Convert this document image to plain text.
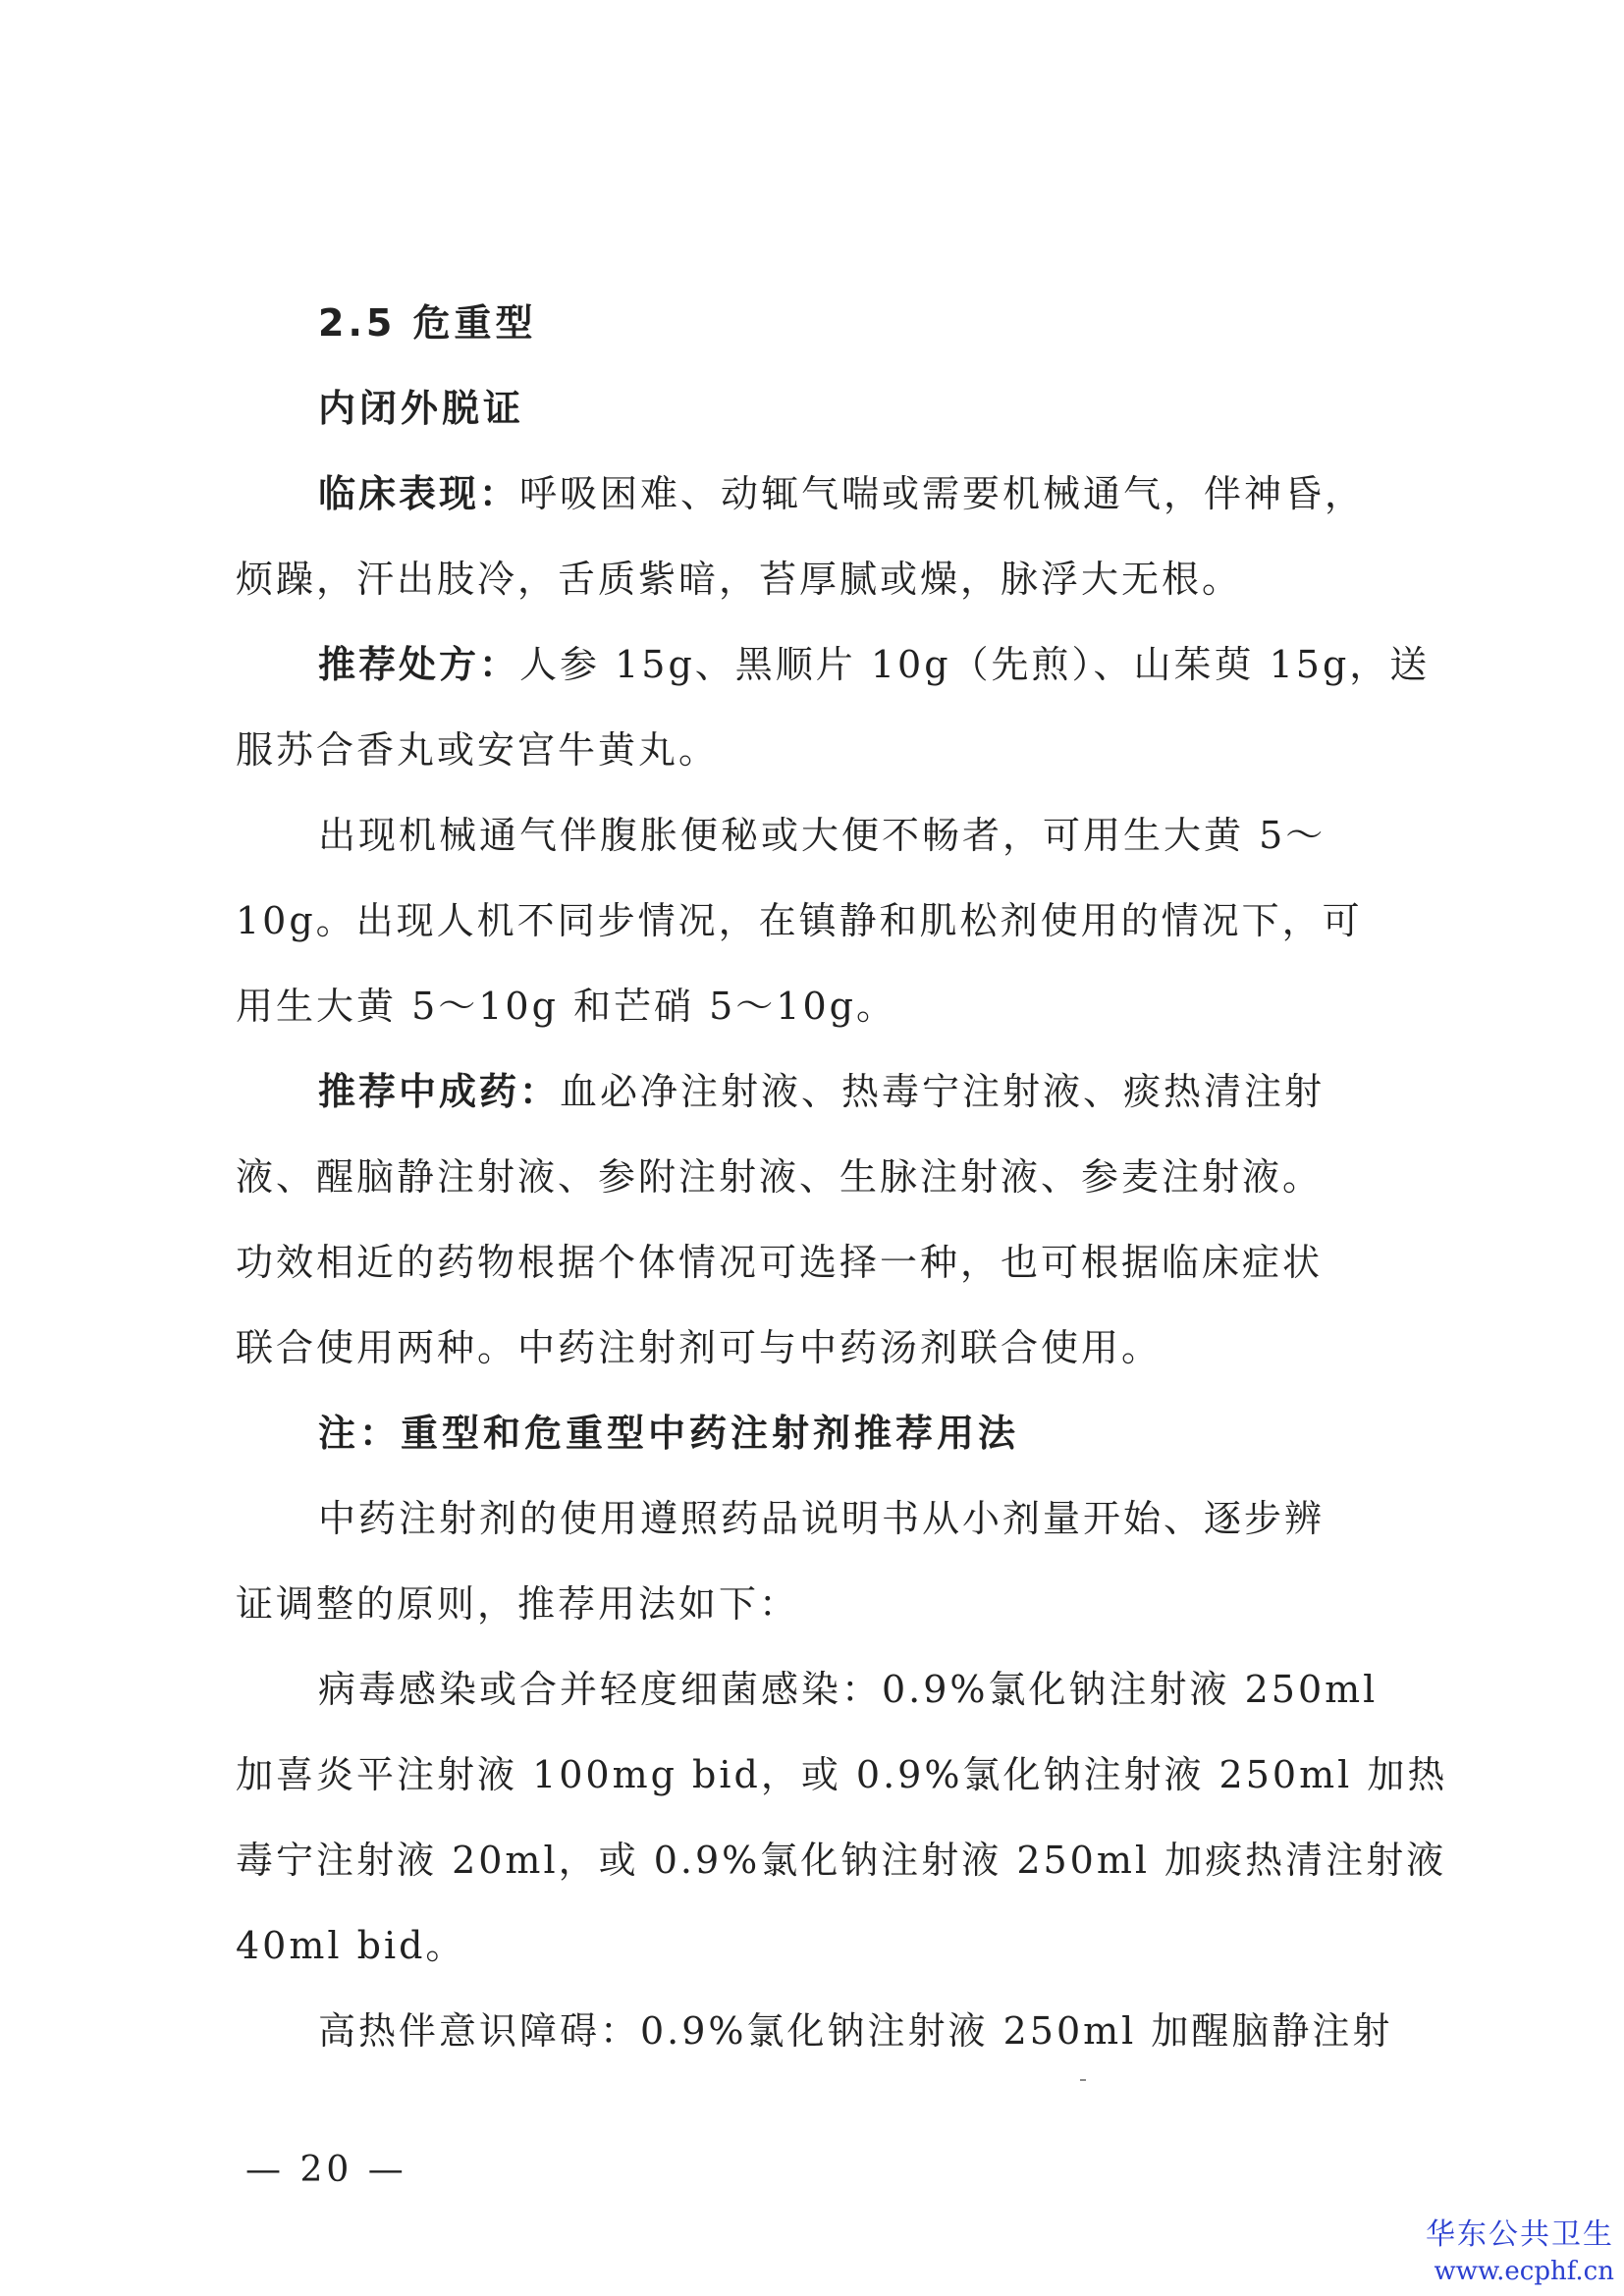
2.5 危重型
内闭外脱证
临床表现：呼吸困难、动辄气喘或需要机械通气，伴神昏，
烦躁，汗出肢冷，舌质紫暗，苔厚腻或燥，脉浮大无根。
推荐处方：人参 15g、黑顺片 10g（先煎）、山茱萸 15g，送
服苏合香丸或安宫牛黄丸。
出现机械通气伴腹胀便秘或大便不畅者，可用生大黄 5～
10g。出现人机不同步情况，在镇静和肌松剂使用的情况下，可
用生大黄 5～10g 和芒硝 5～10g。
推荐中成药：血必净注射液、热毒宁注射液、痰热清注射
液、醒脑静注射液、参附注射液、生脉注射液、参麦注射液。
功效相近的药物根据个体情况可选择一种，也可根据临床症状
联合使用两种。中药注射剂可与中药汤剂联合使用。
注：重型和危重型中药注射剂推荐用法
中药注射剂的使用遵照药品说明书从小剂量开始、逐步辨
证调整的原则，推荐用法如下：
病毒感染或合并轻度细菌感染：0.9%氯化钠注射液 250ml
加喜炎平注射液 100mg bid，或 0.9%氯化钠注射液 250ml 加热
毒宁注射液 20ml，或 0.9%氯化钠注射液 250ml 加痰热清注射液
40ml bid。
高热伴意识障碍：0.9%氯化钠注射液 250ml 加醒脑静注射
— 20 —
华东公共卫生
www.ecphf.cn
